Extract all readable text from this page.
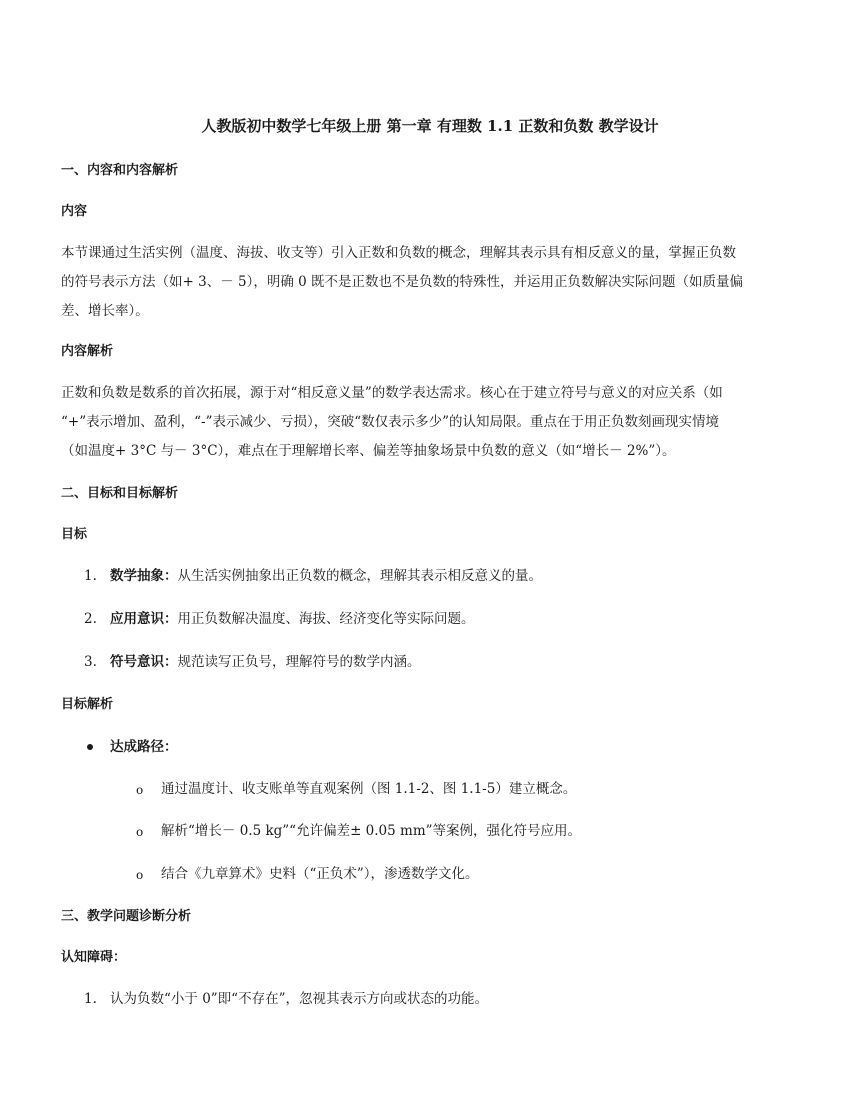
人教版初中数学七年级上册 第一章 有理数 1.1 正数和负数 教学设计
一、内容和内容解析
内容
本节课通过生活实例（温度、海拔、收支等）引入正数和负数的概念，理解其表示具有相反意义的量，掌握正负数
的符号表示方法（如+ 3、－ 5），明确 0 既不是正数也不是负数的特殊性，并运用正负数解决实际问题（如质量偏
差、增长率）。
内容解析
正数和负数是数系的首次拓展，源于对“相反意义量”的数学表达需求。核心在于建立符号与意义的对应关系（如
“+”表示增加、盈利，“-”表示减少、亏损），突破“数仅表示多少”的认知局限。重点在于用正负数刻画现实情境
（如温度+ 3°C 与－ 3°C），难点在于理解增长率、偏差等抽象场景中负数的意义（如“增长－ 2%”）。
二、目标和目标解析
目标
1. 数学抽象：从生活实例抽象出正负数的概念，理解其表示相反意义的量。
2. 应用意识：用正负数解决温度、海拔、经济变化等实际问题。
3. 符号意识：规范读写正负号，理解符号的数学内涵。
目标解析
达成路径：
o 通过温度计、收支账单等直观案例（图 1.1-2、图 1.1-5）建立概念。
o 解析“增长－ 0.5 kg”“允许偏差± 0.05 mm”等案例，强化符号应用。
o 结合《九章算术》史料（“正负术”），渗透数学文化。
三、教学问题诊断分析
认知障碍：
1. 认为负数“小于 0”即“不存在”，忽视其表示方向或状态的功能。
